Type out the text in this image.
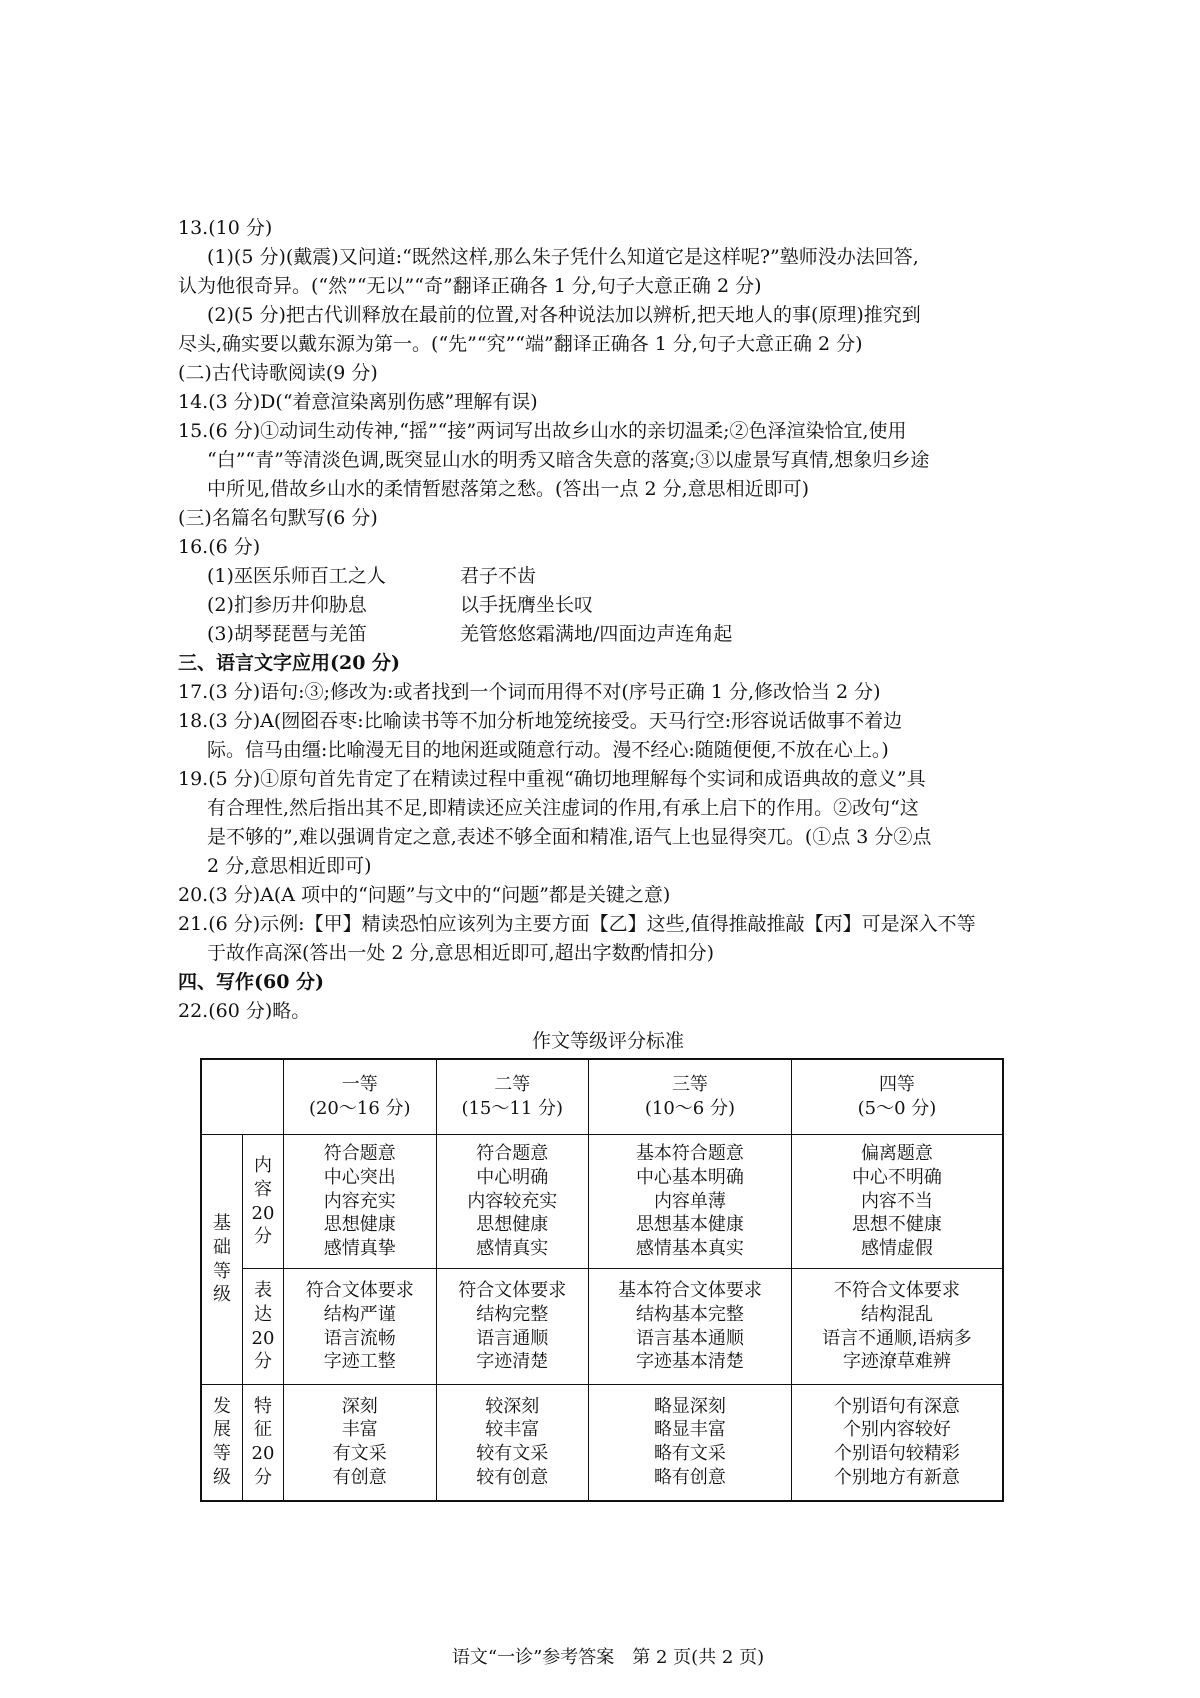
13.(10 分)
(1)(5 分)(戴震)又问道:“既然这样,那么朱子凭什么知道它是这样呢?”塾师没办法回答,
认为他很奇异。(“然”“无以”“奇”翻译正确各 1 分,句子大意正确 2 分)
(2)(5 分)把古代训释放在最前的位置,对各种说法加以辨析,把天地人的事(原理)推究到
尽头,确实要以戴东源为第一。(“先”“究”“端”翻译正确各 1 分,句子大意正确 2 分)
(二)古代诗歌阅读(9 分)
14.(3 分)D(“着意渲染离别伤感”理解有误)
15.(6 分)①动词生动传神,“摇”“接”两词写出故乡山水的亲切温柔;②色泽渲染恰宜,使用
“白”“青”等清淡色调,既突显山水的明秀又暗含失意的落寞;③以虚景写真情,想象归乡途
中所见,借故乡山水的柔情暂慰落第之愁。(答出一点 2 分,意思相近即可)
(三)名篇名句默写(6 分)
16.(6 分)
(1)巫医乐师百工之人	君子不齿
(2)扪参历井仰胁息	以手抚膺坐长叹
(3)胡琴琵琶与羌笛	羌管悠悠霜满地/四面边声连角起
三、语言文字应用(20 分)
17.(3 分)语句:③;修改为:或者找到一个词而用得不对(序号正确 1 分,修改恰当 2 分)
18.(3 分)A(囫囵吞枣:比喻读书等不加分析地笼统接受。天马行空:形容说话做事不着边
际。信马由缰:比喻漫无目的地闲逛或随意行动。漫不经心:随随便便,不放在心上。)
19.(5 分)①原句首先肯定了在精读过程中重视“确切地理解每个实词和成语典故的意义”具
有合理性,然后指出其不足,即精读还应关注虚词的作用,有承上启下的作用。②改句“这
是不够的”,难以强调肯定之意,表述不够全面和精准,语气上也显得突兀。(①点 3 分②点
2 分,意思相近即可)
20.(3 分)A(A 项中的“问题”与文中的“问题”都是关键之意)
21.(6 分)示例:【甲】精读恐怕应该列为主要方面【乙】这些,值得推敲推敲【丙】可是深入不等
于故作高深(答出一处 2 分,意思相近即可,超出字数酌情扣分)
四、写作(60 分)
22.(60 分)略。
作文等级评分标准

		一等
(20～16 分)	二等
(15～11 分)	三等
(10～6 分)	四等
(5～0 分)

基
础
等
级	内
容
20
分	符合题意
中心突出
内容充实
思想健康
感情真挚	符合题意
中心明确
内容较充实
思想健康
感情真实	基本符合题意
中心基本明确
内容单薄
思想基本健康
感情基本真实	偏离题意
中心不明确
内容不当
思想不健康
感情虚假

	表
达
20
分	符合文体要求
结构严谨
语言流畅
字迹工整	符合文体要求
结构完整
语言通顺
字迹清楚	基本符合文体要求
结构基本完整
语言基本通顺
字迹基本清楚	不符合文体要求
结构混乱
语言不通顺,语病多
字迹潦草难辨

发
展
等
级	特
征
20
分	深刻
丰富
有文采
有创意	较深刻
较丰富
较有文采
较有创意	略显深刻
略显丰富
略有文采
略有创意	个别语句有深意
个别内容较好
个别语句较精彩
个别地方有新意
语文“一诊”参考答案　第 2 页(共 2 页)
